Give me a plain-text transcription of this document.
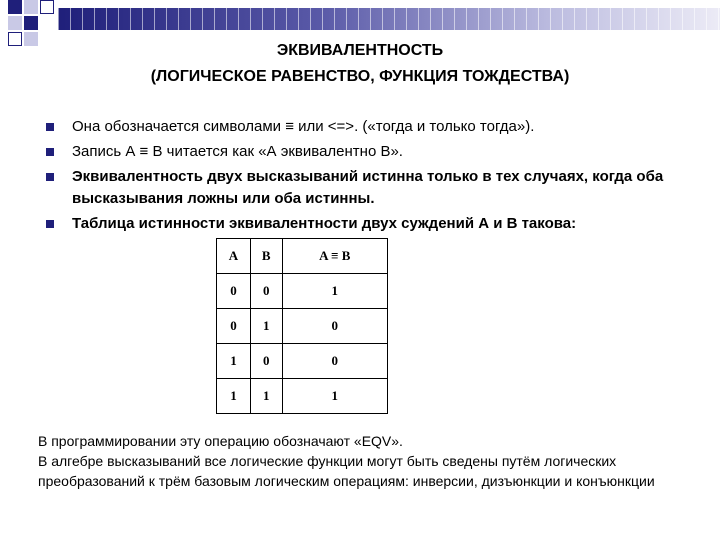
ЭКВИВАЛЕНТНОСТЬ
(ЛОГИЧЕСКОЕ РАВЕНСТВО, ФУНКЦИЯ ТОЖДЕСТВА)
Она обозначается символами ≡ или <=>. («тогда и только тогда»).
Запись А ≡ В читается как «А эквивалентно В».
Эквивалентность двух высказываний истинна только в тех случаях, когда оба высказывания ложны или оба истинны.
Таблица истинности эквивалентности двух суждений А и В такова:
A	B	A ≡ B
0	0	1
0	1	0
1	0	0
1	1	1
В программировании эту операцию обозначают «EQV».
В алгебре высказываний все логические функции могут быть сведены путём логических преобразований к трём базовым логическим операциям: инверсии, дизъюнкции и конъюнкции
